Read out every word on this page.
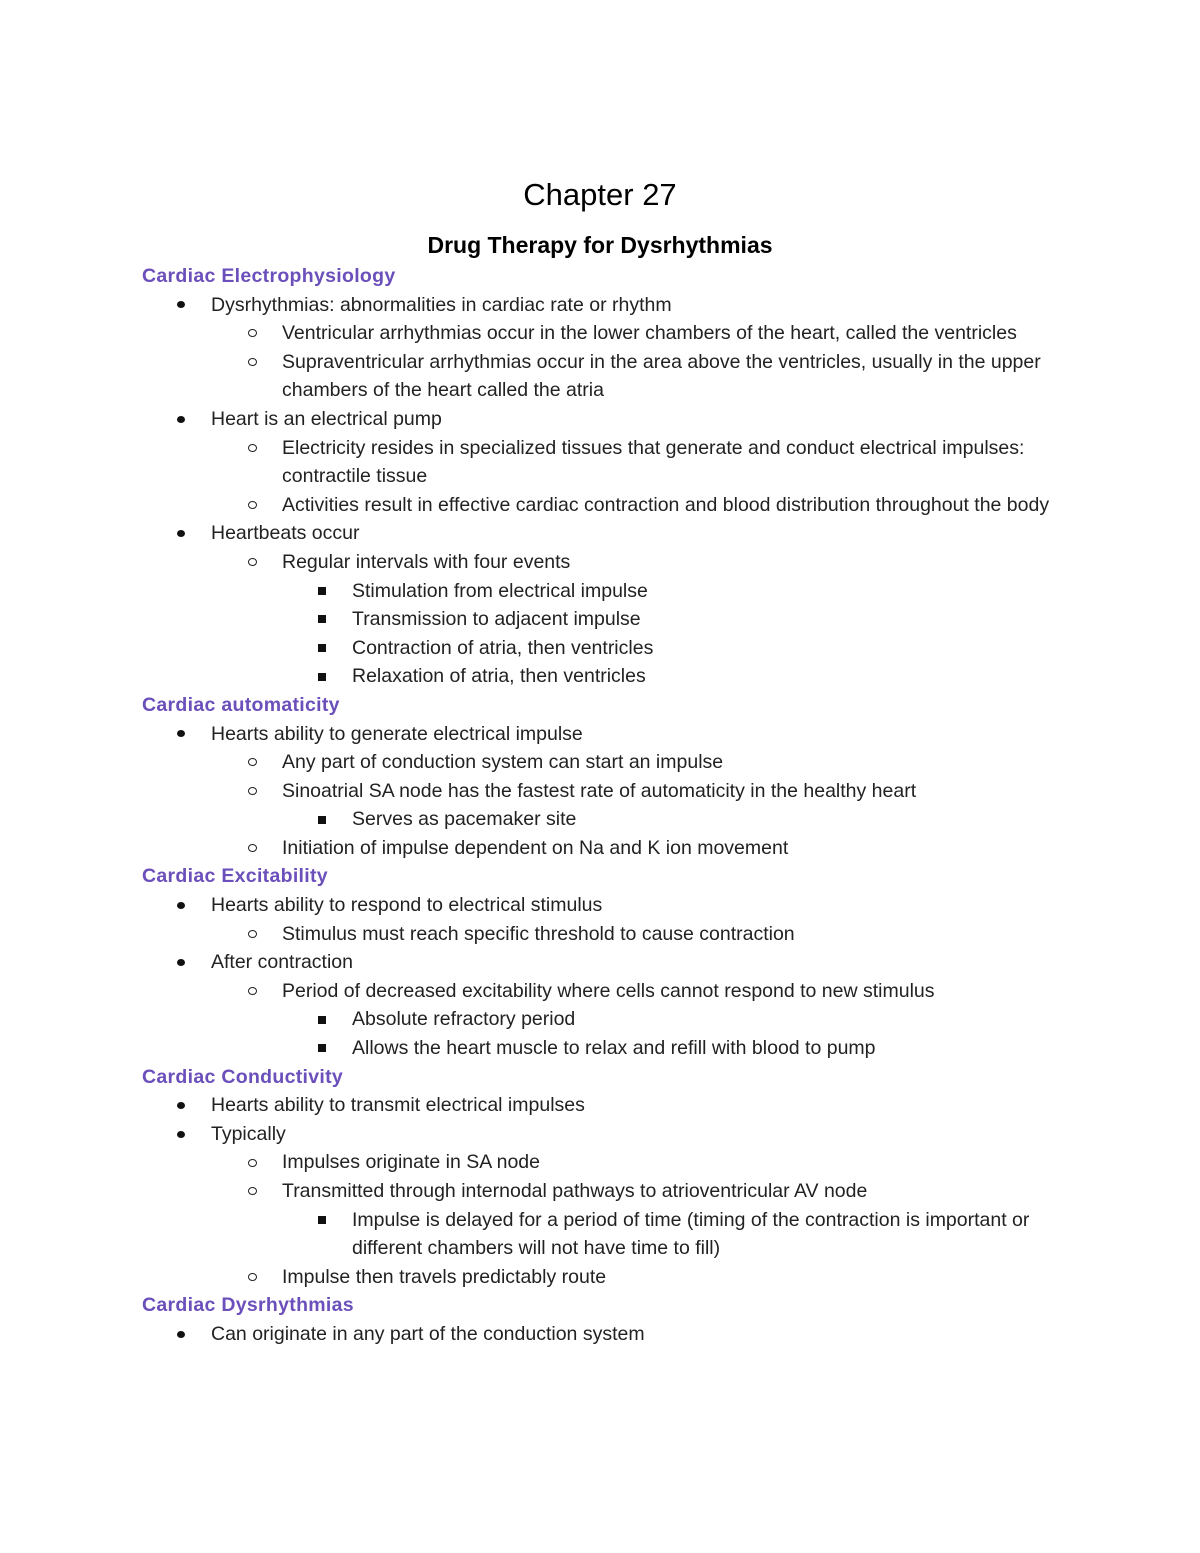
Chapter 27
Drug Therapy for Dysrhythmias
Cardiac Electrophysiology
Dysrhythmias: abnormalities in cardiac rate or rhythm
Ventricular arrhythmias occur in the lower chambers of the heart, called the ventricles
Supraventricular arrhythmias occur in the area above the ventricles, usually in the upper chambers of the heart called the atria
Heart is an electrical pump
Electricity resides in specialized tissues that generate and conduct electrical impulses: contractile tissue
Activities result in effective cardiac contraction and blood distribution throughout the body
Heartbeats occur
Regular intervals with four events
Stimulation from electrical impulse
Transmission to adjacent impulse
Contraction of atria, then ventricles
Relaxation of atria, then ventricles
Cardiac automaticity
Hearts ability to generate electrical impulse
Any part of conduction system can start an impulse
Sinoatrial SA node has the fastest rate of automaticity in the healthy heart
Serves as pacemaker site
Initiation of impulse dependent on Na and K ion movement
Cardiac Excitability
Hearts ability to respond to electrical stimulus
Stimulus must reach specific threshold to cause contraction
After contraction
Period of decreased excitability where cells cannot respond to new stimulus
Absolute refractory period
Allows the heart muscle to relax and refill with blood to pump
Cardiac Conductivity
Hearts ability to transmit electrical impulses
Typically
Impulses originate in SA node
Transmitted through internodal pathways to atrioventricular AV node
Impulse is delayed for a period of time (timing of the contraction is important or different chambers will not have time to fill)
Impulse then travels predictably route
Cardiac Dysrhythmias
Can originate in any part of the conduction system
